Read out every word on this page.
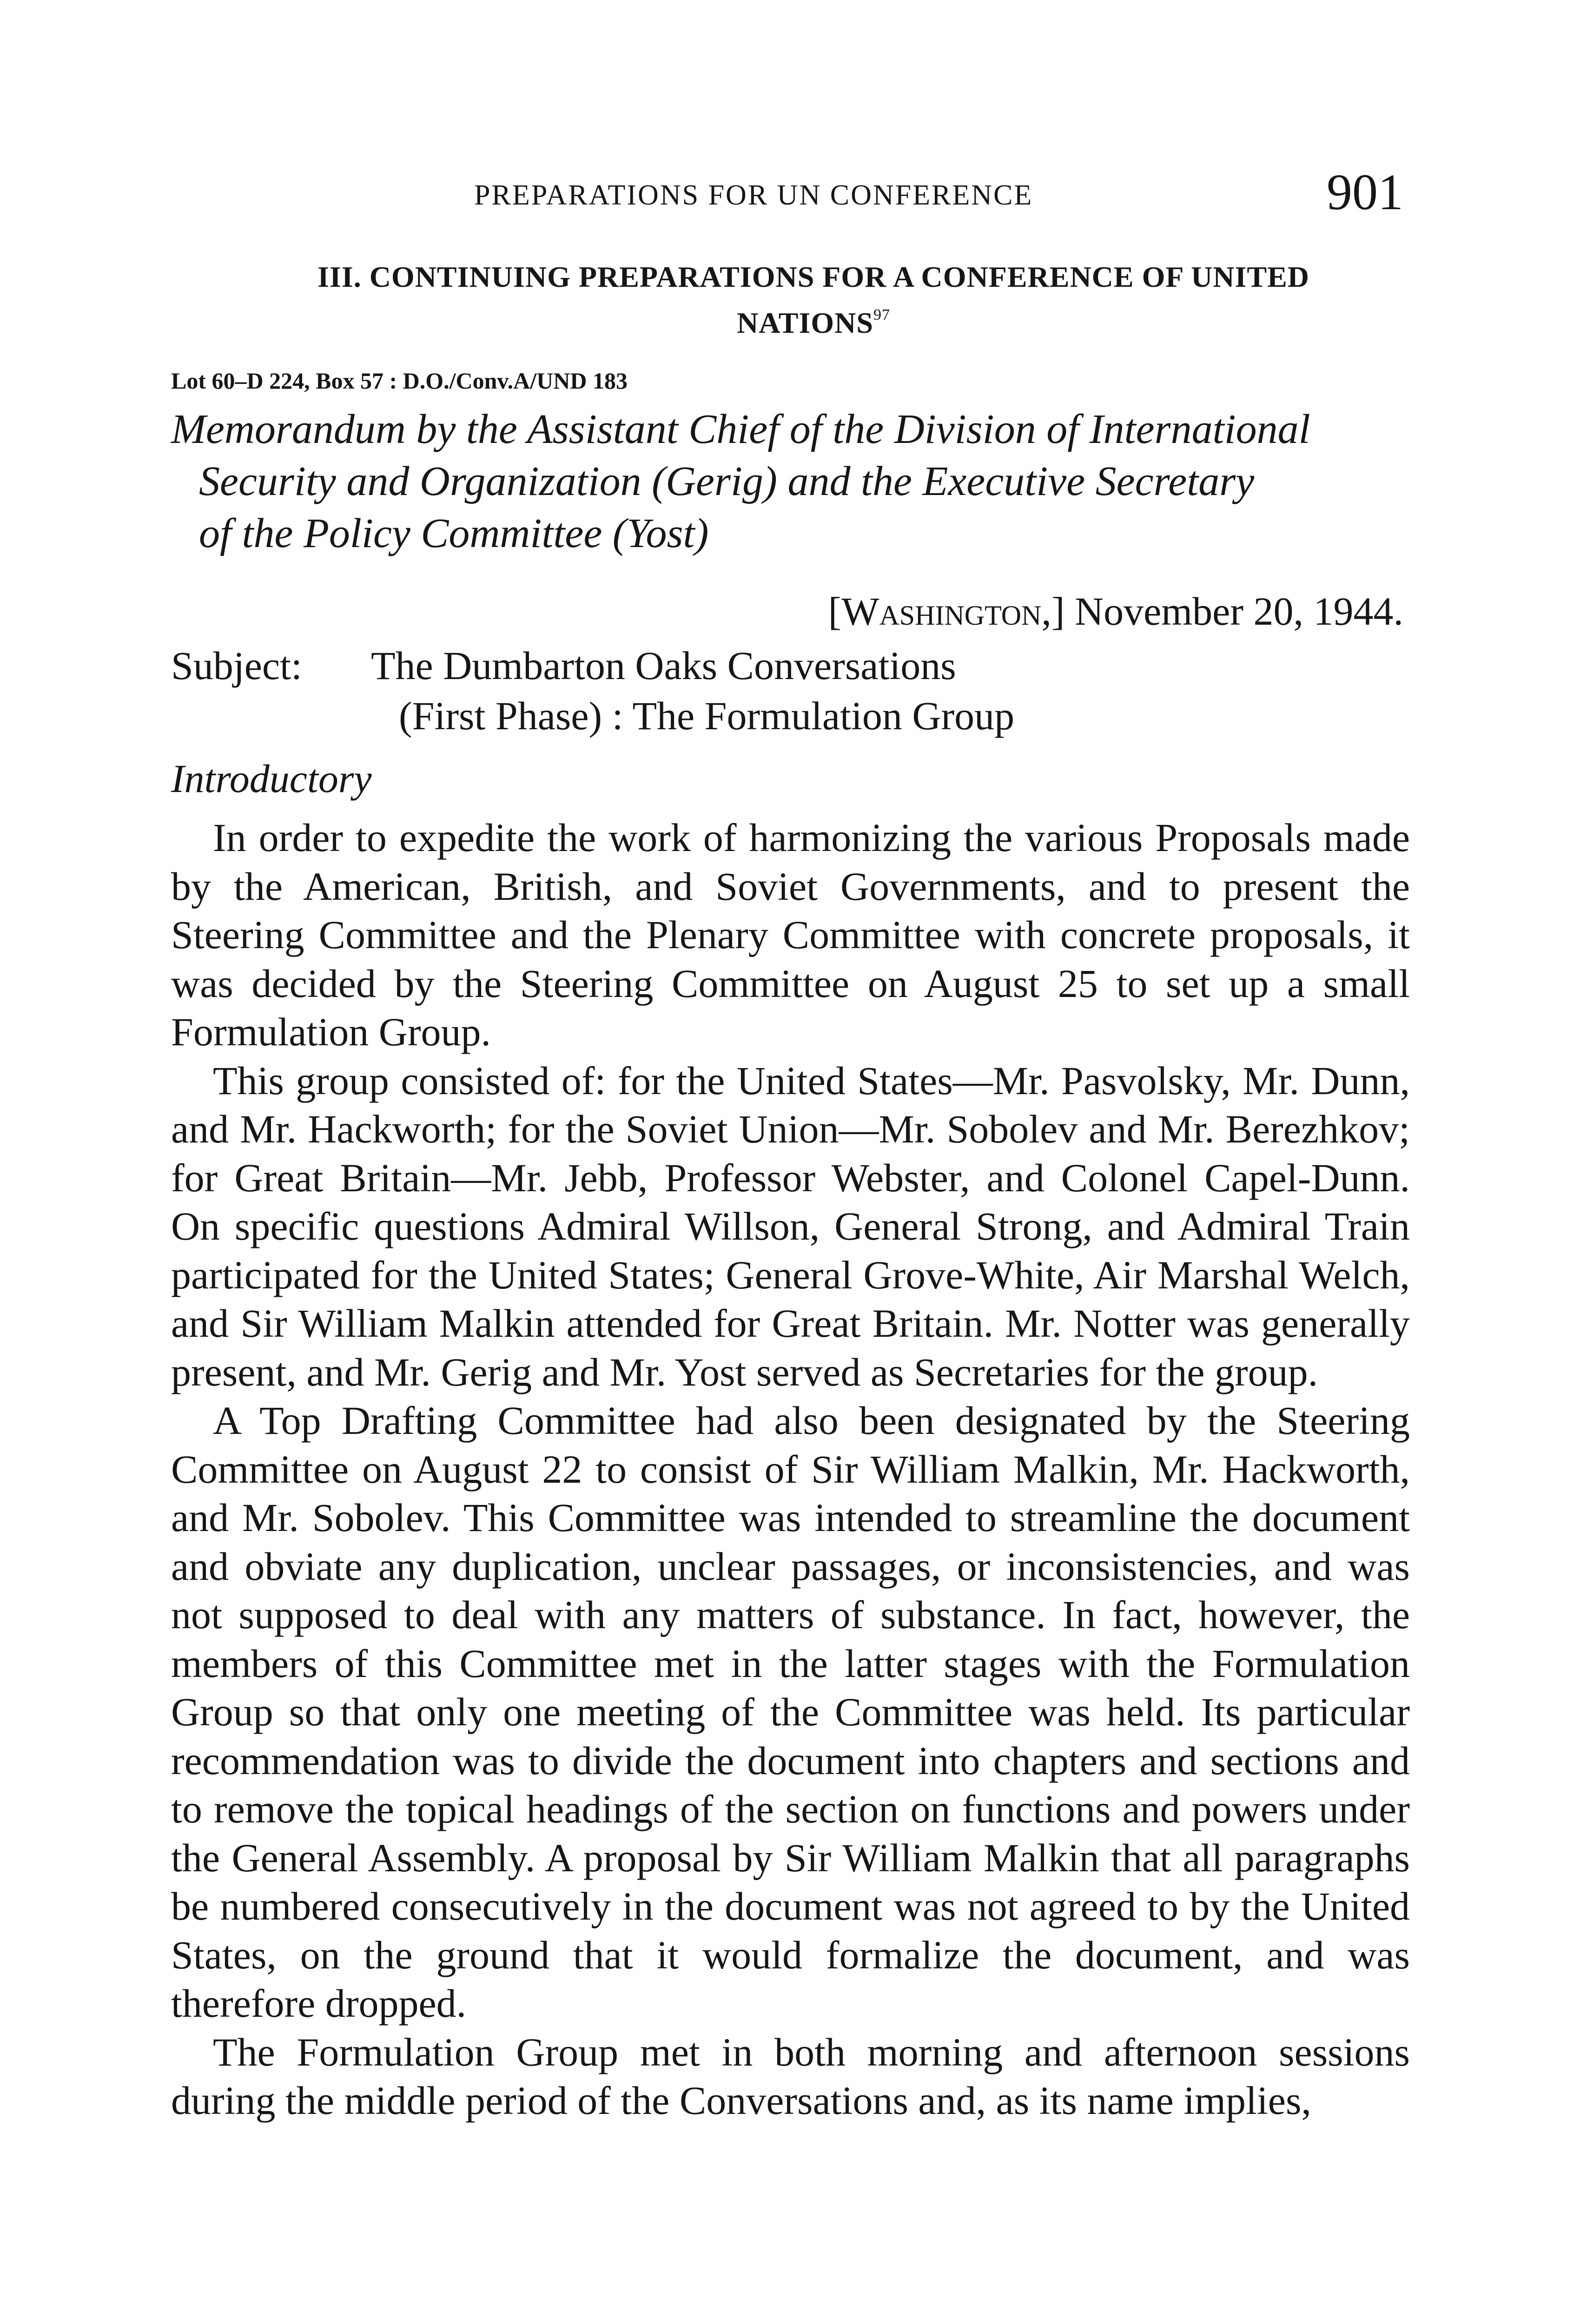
PREPARATIONS FOR UN CONFERENCE	901
III. CONTINUING PREPARATIONS FOR A CONFERENCE OF UNITED NATIONS$^{97}$
Lot 60–D 224, Box 57 : D.O./Conv.A/UND 183
Memorandum by the Assistant Chief of the Division of International
Security and Organization (Gerig) and the Executive Secretary
of the Policy Committee (Yost)
[Washington,] November 20, 1944.
Subject: The Dumbarton Oaks Conversations
(First Phase) : The Formulation Group
Introductory

In order to expedite the work of harmonizing the various Proposals made by the American, British, and Soviet Governments, and to present the Steering Committee and the Plenary Committee with concrete proposals, it was decided by the Steering Committee on August 25 to set up a small Formulation Group.

This group consisted of: for the United States—Mr. Pasvolsky, Mr. Dunn, and Mr. Hackworth; for the Soviet Union—Mr. Sobolev and Mr. Berezhkov; for Great Britain—Mr. Jebb, Professor Webster, and Colonel Capel-Dunn. On specific questions Admiral Willson, General Strong, and Admiral Train participated for the United States; General Grove-White, Air Marshal Welch, and Sir William Malkin attended for Great Britain. Mr. Notter was generally present, and Mr. Gerig and Mr. Yost served as Secretaries for the group.

A Top Drafting Committee had also been designated by the Steering Committee on August 22 to consist of Sir William Malkin, Mr. Hackworth, and Mr. Sobolev. This Committee was intended to streamline the document and obviate any duplication, unclear passages, or inconsistencies, and was not supposed to deal with any matters of substance. In fact, however, the members of this Committee met in the latter stages with the Formulation Group so that only one meeting of the Committee was held. Its particular recommendation was to divide the document into chapters and sections and to remove the topical headings of the section on functions and powers under the General Assembly. A proposal by Sir William Malkin that all paragraphs be numbered consecutively in the document was not agreed to by the United States, on the ground that it would formalize the document, and was therefore dropped.

The Formulation Group met in both morning and afternoon sessions during the middle period of the Conversations and, as its name implies,
